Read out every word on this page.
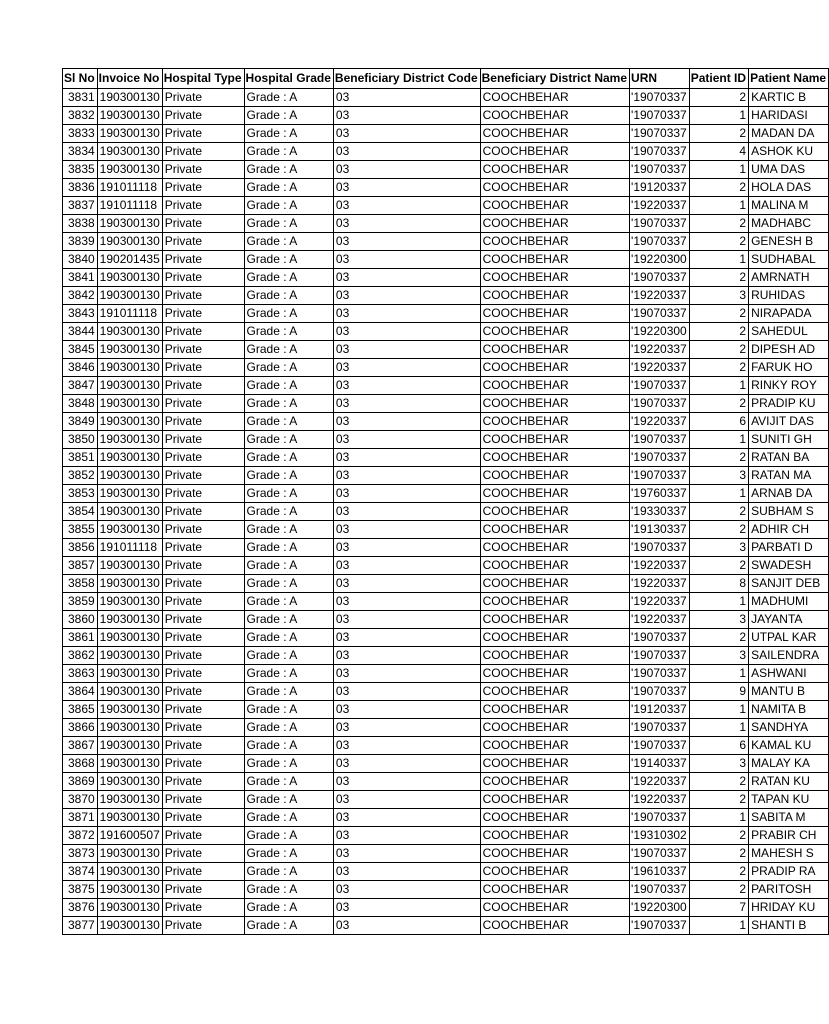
Sl No	Invoice No	Hospital Type	Hospital Grade	Beneficiary District Code	Beneficiary District Name	URN	Patient ID	Patient Name
3831	190300130	Private	Grade : A	03	COOCHBEHAR	'19070337	2	KARTIC B
3832	190300130	Private	Grade : A	03	COOCHBEHAR	'19070337	1	HARIDASI
3833	190300130	Private	Grade : A	03	COOCHBEHAR	'19070337	2	MADAN DA
3834	190300130	Private	Grade : A	03	COOCHBEHAR	'19070337	4	ASHOK KU
3835	190300130	Private	Grade : A	03	COOCHBEHAR	'19070337	1	UMA DAS
3836	191011118	Private	Grade : A	03	COOCHBEHAR	'19120337	2	HOLA DAS
3837	191011118	Private	Grade : A	03	COOCHBEHAR	'19220337	1	MALINA M
3838	190300130	Private	Grade : A	03	COOCHBEHAR	'19070337	2	MADHABC
3839	190300130	Private	Grade : A	03	COOCHBEHAR	'19070337	2	GENESH B
3840	190201435	Private	Grade : A	03	COOCHBEHAR	'19220300	1	SUDHABAL
3841	190300130	Private	Grade : A	03	COOCHBEHAR	'19070337	2	AMRNATH
3842	190300130	Private	Grade : A	03	COOCHBEHAR	'19220337	3	RUHIDAS
3843	191011118	Private	Grade : A	03	COOCHBEHAR	'19070337	2	NIRAPADA
3844	190300130	Private	Grade : A	03	COOCHBEHAR	'19220300	2	SAHEDUL
3845	190300130	Private	Grade : A	03	COOCHBEHAR	'19220337	2	DIPESH AD
3846	190300130	Private	Grade : A	03	COOCHBEHAR	'19220337	2	FARUK HO
3847	190300130	Private	Grade : A	03	COOCHBEHAR	'19070337	1	RINKY ROY
3848	190300130	Private	Grade : A	03	COOCHBEHAR	'19070337	2	PRADIP KU
3849	190300130	Private	Grade : A	03	COOCHBEHAR	'19220337	6	AVIJIT DAS
3850	190300130	Private	Grade : A	03	COOCHBEHAR	'19070337	1	SUNITI GH
3851	190300130	Private	Grade : A	03	COOCHBEHAR	'19070337	2	RATAN BA
3852	190300130	Private	Grade : A	03	COOCHBEHAR	'19070337	3	RATAN MA
3853	190300130	Private	Grade : A	03	COOCHBEHAR	'19760337	1	ARNAB DA
3854	190300130	Private	Grade : A	03	COOCHBEHAR	'19330337	2	SUBHAM S
3855	190300130	Private	Grade : A	03	COOCHBEHAR	'19130337	2	ADHIR CH
3856	191011118	Private	Grade : A	03	COOCHBEHAR	'19070337	3	PARBATI D
3857	190300130	Private	Grade : A	03	COOCHBEHAR	'19220337	2	SWADESH
3858	190300130	Private	Grade : A	03	COOCHBEHAR	'19220337	8	SANJIT DEB
3859	190300130	Private	Grade : A	03	COOCHBEHAR	'19220337	1	MADHUMI
3860	190300130	Private	Grade : A	03	COOCHBEHAR	'19220337	3	JAYANTA
3861	190300130	Private	Grade : A	03	COOCHBEHAR	'19070337	2	UTPAL KAR
3862	190300130	Private	Grade : A	03	COOCHBEHAR	'19070337	3	SAILENDRA
3863	190300130	Private	Grade : A	03	COOCHBEHAR	'19070337	1	ASHWANI
3864	190300130	Private	Grade : A	03	COOCHBEHAR	'19070337	9	MANTU B
3865	190300130	Private	Grade : A	03	COOCHBEHAR	'19120337	1	NAMITA B
3866	190300130	Private	Grade : A	03	COOCHBEHAR	'19070337	1	SANDHYA
3867	190300130	Private	Grade : A	03	COOCHBEHAR	'19070337	6	KAMAL KU
3868	190300130	Private	Grade : A	03	COOCHBEHAR	'19140337	3	MALAY KA
3869	190300130	Private	Grade : A	03	COOCHBEHAR	'19220337	2	RATAN KU
3870	190300130	Private	Grade : A	03	COOCHBEHAR	'19220337	2	TAPAN KU
3871	190300130	Private	Grade : A	03	COOCHBEHAR	'19070337	1	SABITA M
3872	191600507	Private	Grade : A	03	COOCHBEHAR	'19310302	2	PRABIR CH
3873	190300130	Private	Grade : A	03	COOCHBEHAR	'19070337	2	MAHESH S
3874	190300130	Private	Grade : A	03	COOCHBEHAR	'19610337	2	PRADIP RA
3875	190300130	Private	Grade : A	03	COOCHBEHAR	'19070337	2	PARITOSH
3876	190300130	Private	Grade : A	03	COOCHBEHAR	'19220300	7	HRIDAY KU
3877	190300130	Private	Grade : A	03	COOCHBEHAR	'19070337	1	SHANTI B
